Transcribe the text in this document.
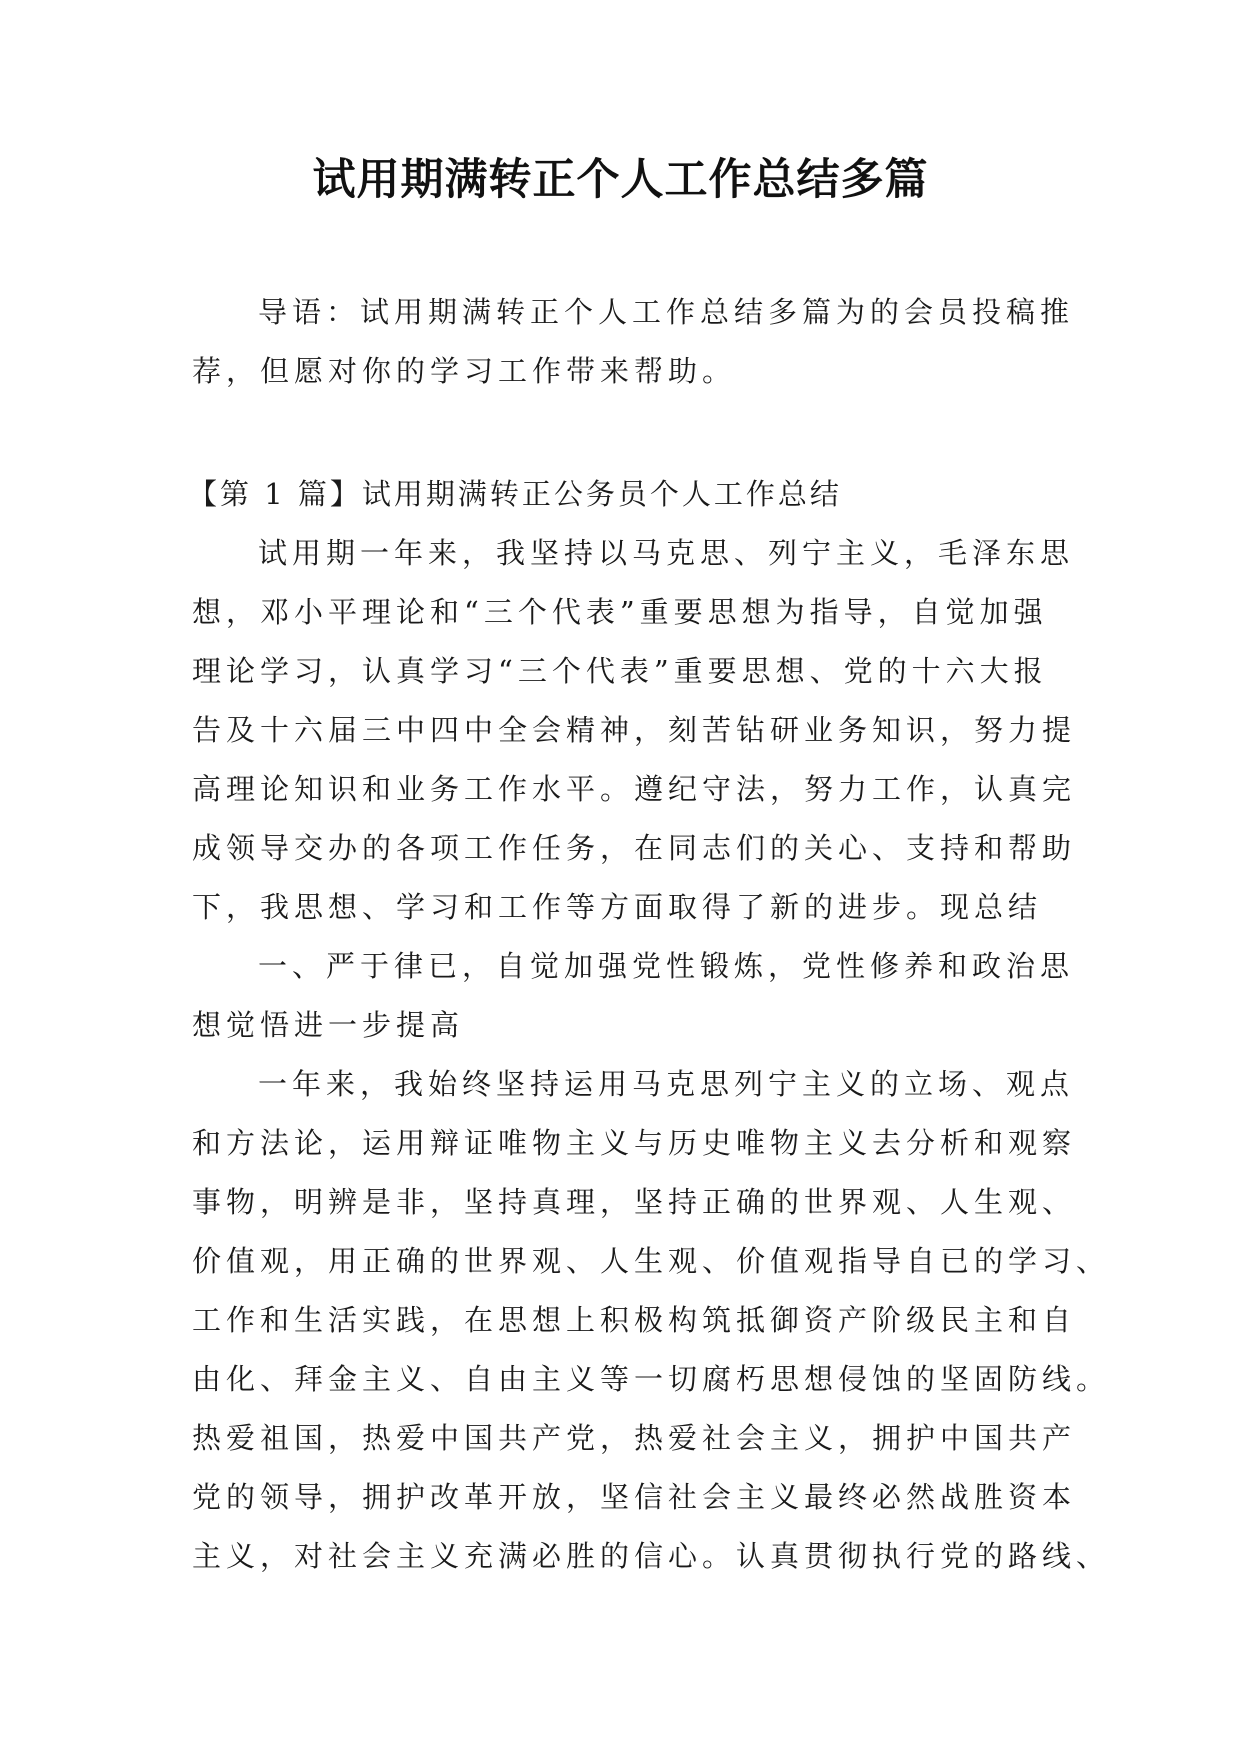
试用期满转正个人工作总结多篇
导语：试用期满转正个人工作总结多篇为的会员投稿推
荐，但愿对你的学习工作带来帮助。
【第 1 篇】试用期满转正公务员个人工作总结
试用期一年来，我坚持以马克思、列宁主义，毛泽东思
想，邓小平理论和“三个代表”重要思想为指导，自觉加强
理论学习，认真学习“三个代表”重要思想、党的十六大报
告及十六届三中四中全会精神，刻苦钻研业务知识，努力提
高理论知识和业务工作水平。遵纪守法，努力工作，认真完
成领导交办的各项工作任务，在同志们的关心、支持和帮助
下，我思想、学习和工作等方面取得了新的进步。现总结
一、严于律已，自觉加强党性锻炼，党性修养和政治思
想觉悟进一步提高
一年来，我始终坚持运用马克思列宁主义的立场、观点
和方法论，运用辩证唯物主义与历史唯物主义去分析和观察
事物，明辨是非，坚持真理，坚持正确的世界观、人生观、
价值观，用正确的世界观、人生观、价值观指导自已的学习、
工作和生活实践，在思想上积极构筑抵御资产阶级民主和自
由化、拜金主义、自由主义等一切腐朽思想侵蚀的坚固防线。
热爱祖国，热爱中国共产党，热爱社会主义，拥护中国共产
党的领导，拥护改革开放，坚信社会主义最终必然战胜资本
主义，对社会主义充满必胜的信心。认真贯彻执行党的路线、
